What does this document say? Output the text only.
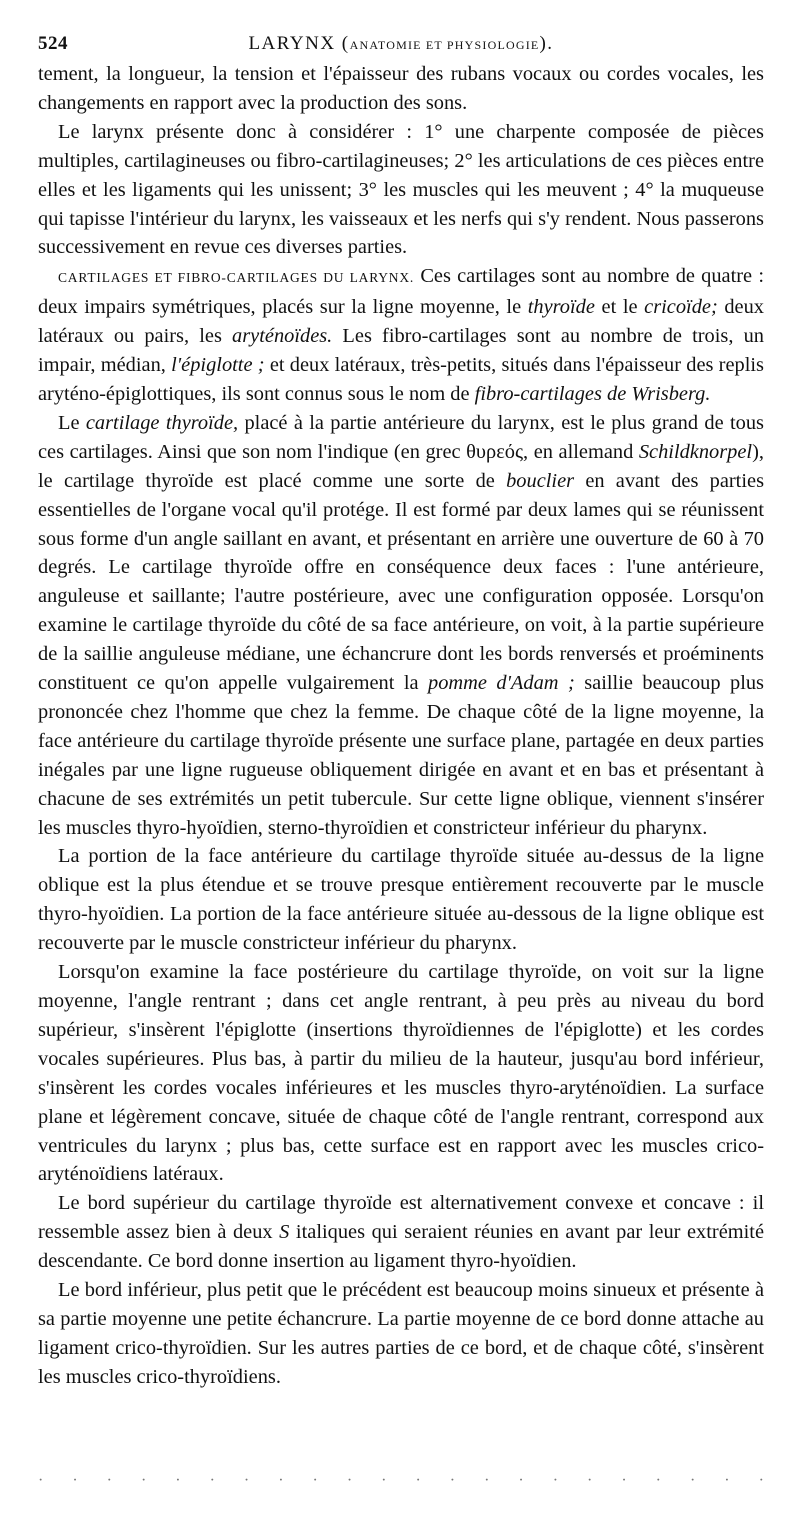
524	LARYNX (ANATOMIE ET PHYSIOLOGIE).

tement, la longueur, la tension et l'épaisseur des rubans vocaux ou cordes vocales, les changements en rapport avec la production des sons.

Le larynx présente donc à considérer : 1° une charpente composée de pièces multiples, cartilagineuses ou fibro-cartilagineuses; 2° les articulations de ces pièces entre elles et les ligaments qui les unissent; 3° les muscles qui les meuvent ; 4° la muqueuse qui tapisse l'intérieur du larynx, les vaisseaux et les nerfs qui s'y rendent. Nous passerons successivement en revue ces diverses parties.

CARTILAGES ET FIBRO-CARTILAGES DU LARYNX. Ces cartilages sont au nombre de quatre : deux impairs symétriques, placés sur la ligne moyenne, le thyroïde et le cricoïde; deux latéraux ou pairs, les aryténoïdes. Les fibro-cartilages sont au nombre de trois, un impair, médian, l'épiglotte ; et deux latéraux, très-petits, situés dans l'épaisseur des replis aryténo-épiglottiques, ils sont connus sous le nom de fibro-cartilages de Wrisberg.

Le cartilage thyroïde, placé à la partie antérieure du larynx, est le plus grand de tous ces cartilages. Ainsi que son nom l'indique (en grec θυρεός, en allemand Schildknorpel), le cartilage thyroïde est placé comme une sorte de bouclier en avant des parties essentielles de l'organe vocal qu'il protége. Il est formé par deux lames qui se réunissent sous forme d'un angle saillant en avant, et présentant en arrière une ouverture de 60 à 70 degrés. Le cartilage thyroïde offre en conséquence deux faces : l'une antérieure, anguleuse et saillante; l'autre postérieure, avec une configuration opposée. Lorsqu'on examine le cartilage thyroïde du côté de sa face antérieure, on voit, à la partie supérieure de la saillie anguleuse médiane, une échancrure dont les bords renversés et proéminents constituent ce qu'on appelle vulgairement la pomme d'Adam ; saillie beaucoup plus prononcée chez l'homme que chez la femme. De chaque côté de la ligne moyenne, la face antérieure du cartilage thyroïde présente une surface plane, partagée en deux parties inégales par une ligne rugueuse obliquement dirigée en avant et en bas et présentant à chacune de ses extrémités un petit tubercule. Sur cette ligne oblique, viennent s'insérer les muscles thyro-hyoïdien, sterno-thyroïdien et constricteur inférieur du pharynx.

La portion de la face antérieure du cartilage thyroïde située au-dessus de la ligne oblique est la plus étendue et se trouve presque entièrement recouverte par le muscle thyro-hyoïdien. La portion de la face antérieure située au-dessous de la ligne oblique est recouverte par le muscle constricteur inférieur du pharynx.

Lorsqu'on examine la face postérieure du cartilage thyroïde, on voit sur la ligne moyenne, l'angle rentrant ; dans cet angle rentrant, à peu près au niveau du bord supérieur, s'insèrent l'épiglotte (insertions thyroïdiennes de l'épiglotte) et les cordes vocales supérieures. Plus bas, à partir du milieu de la hauteur, jusqu'au bord inférieur, s'insèrent les cordes vocales inférieures et les muscles thyro-aryténoïdien. La surface plane et légèrement concave, située de chaque côté de l'angle rentrant, correspond aux ventricules du larynx ; plus bas, cette surface est en rapport avec les muscles crico-aryténoïdiens latéraux.

Le bord supérieur du cartilage thyroïde est alternativement convexe et concave : il ressemble assez bien à deux S italiques qui seraient réunies en avant par leur extrémité descendante. Ce bord donne insertion au ligament thyro-hyoïdien.

Le bord inférieur, plus petit que le précédent est beaucoup moins sinueux et présente à sa partie moyenne une petite échancrure. La partie moyenne de ce bord donne attache au ligament crico-thyroïdien. Sur les autres parties de ce bord, et de chaque côté, s'insèrent les muscles crico-thyroïdiens.

· · · · · · · · · · · · · · · · · · · · · ·
